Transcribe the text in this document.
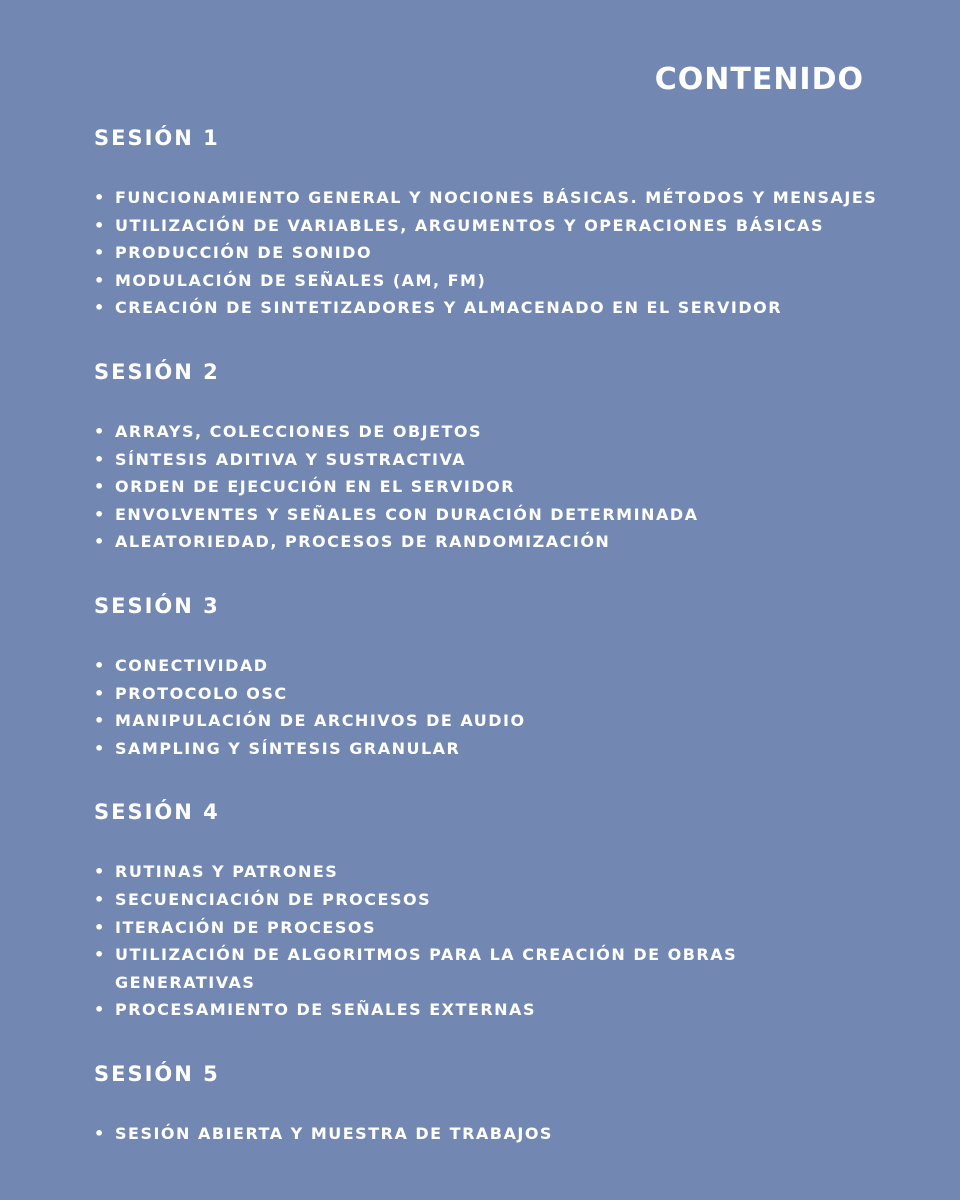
CONTENIDO
SESIÓN 1
• FUNCIONAMIENTO GENERAL Y NOCIONES BÁSICAS. MÉTODOS Y MENSAJES
• UTILIZACIÓN DE VARIABLES, ARGUMENTOS Y OPERACIONES BÁSICAS
• PRODUCCIÓN DE SONIDO
• MODULACIÓN DE SEÑALES (AM, FM)
• CREACIÓN DE SINTETIZADORES Y ALMACENADO EN EL SERVIDOR
SESIÓN 2
• ARRAYS, COLECCIONES DE OBJETOS
• SÍNTESIS ADITIVA Y SUSTRACTIVA
• ORDEN DE EJECUCIÓN EN EL SERVIDOR
• ENVOLVENTES Y SEÑALES CON DURACIÓN DETERMINADA
• ALEATORIEDAD, PROCESOS DE RANDOMIZACIÓN
SESIÓN 3
• CONECTIVIDAD
• PROTOCOLO OSC
• MANIPULACIÓN DE ARCHIVOS DE AUDIO
• SAMPLING Y SÍNTESIS GRANULAR
SESIÓN 4
• RUTINAS Y PATRONES
• SECUENCIACIÓN DE PROCESOS
• ITERACIÓN DE PROCESOS
• UTILIZACIÓN DE ALGORITMOS PARA LA CREACIÓN DE OBRAS GENERATIVAS
• PROCESAMIENTO DE SEÑALES EXTERNAS
SESIÓN 5
• SESIÓN ABIERTA Y MUESTRA DE TRABAJOS
